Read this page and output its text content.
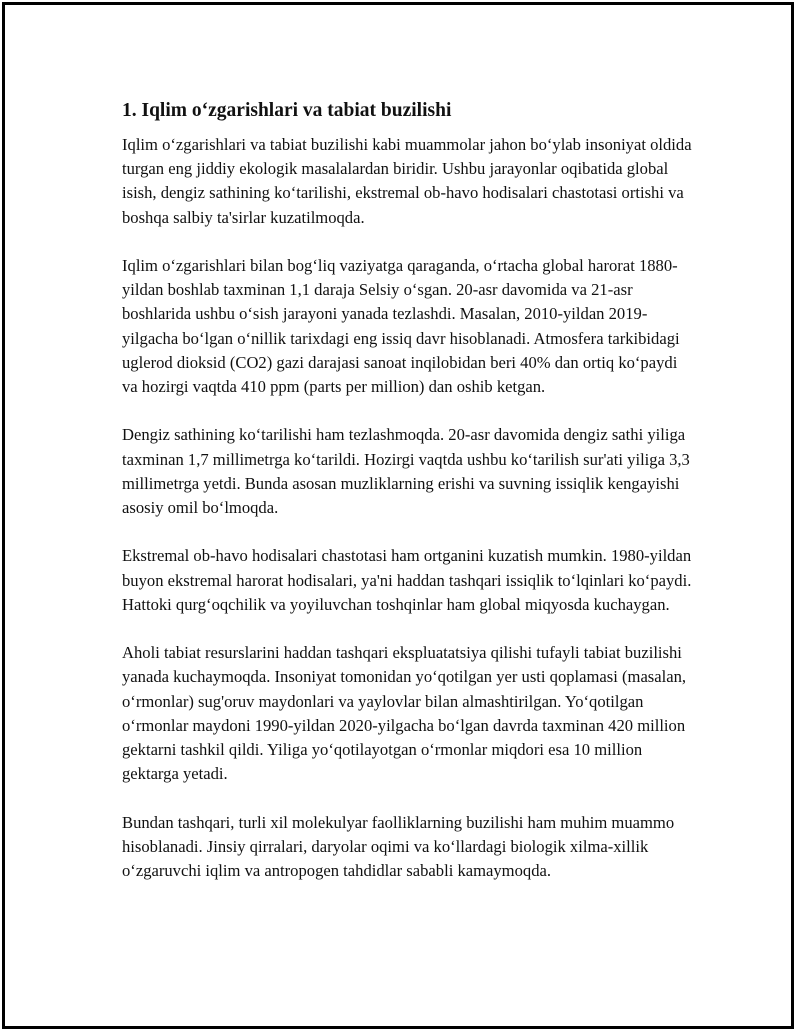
1. Iqlim oʻzgarishlari va tabiat buzilishi

Iqlim oʻzgarishlari va tabiat buzilishi kabi muammolar jahon boʻylab insoniyat oldida turgan eng jiddiy ekologik masalalardan biridir. Ushbu jarayonlar oqibatida global isish, dengiz sathining koʻtarilishi, ekstremal ob-havo hodisalari chastotasi ortishi va boshqa salbiy ta'sirlar kuzatilmoqda.

Iqlim oʻzgarishlari bilan bogʻliq vaziyatga qaraganda, oʻrtacha global harorat 1880-yildan boshlab taxminan 1,1 daraja Selsiy oʻsgan. 20-asr davomida va 21-asr boshlarida ushbu oʻsish jarayoni yanada tezlashdi. Masalan, 2010-yildan 2019-yilgacha boʻlgan oʻnillik tarixdagi eng issiq davr hisoblanadi. Atmosfera tarkibidagi uglerod dioksid (CO2) gazi darajasi sanoat inqilobidan beri 40% dan ortiq koʻpaydi va hozirgi vaqtda 410 ppm (parts per million) dan oshib ketgan.

Dengiz sathining koʻtarilishi ham tezlashmoqda. 20-asr davomida dengiz sathi yiliga taxminan 1,7 millimetrga koʻtarildi. Hozirgi vaqtda ushbu koʻtarilish sur'ati yiliga 3,3 millimetrga yetdi. Bunda asosan muzliklarning erishi va suvning issiqlik kengayishi asosiy omil boʻlmoqda.

Ekstremal ob-havo hodisalari chastotasi ham ortganini kuzatish mumkin. 1980-yildan buyon ekstremal harorat hodisalari, ya'ni haddan tashqari issiqlik toʻlqinlari koʻpaydi. Hattoki qurgʻoqchilik va yoyiluvchan toshqinlar ham global miqyosda kuchaygan.

Aholi tabiat resurslarini haddan tashqari ekspluatatsiya qilishi tufayli tabiat buzilishi yanada kuchaymoqda. Insoniyat tomonidan yoʻqotilgan yer usti qoplamasi (masalan, oʻrmonlar) sug'oruv maydonlari va yaylovlar bilan almashtirilgan. Yoʻqotilgan oʻrmonlar maydoni 1990-yildan 2020-yilgacha boʻlgan davrda taxminan 420 million gektarni tashkil qildi. Yiliga yoʻqotilayotgan oʻrmonlar miqdori esa 10 million gektarga yetadi.

Bundan tashqari, turli xil molekulyar faolliklarning buzilishi ham muhim muammo hisoblanadi. Jinsiy qirralari, daryolar oqimi va koʻllardagi biologik xilma-xillik oʻzgaruvchi iqlim va antropogen tahdidlar sababli kamaymoqda.
